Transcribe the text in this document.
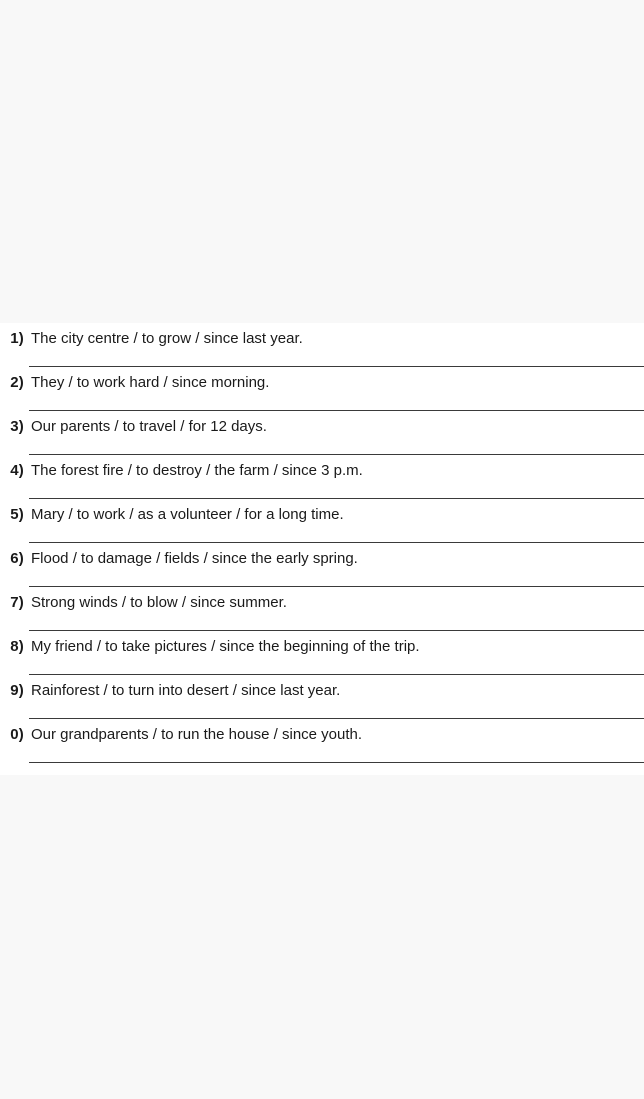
1) The city centre / to grow / since last year.
2) They / to work hard / since morning.
3) Our parents / to travel / for 12 days.
4) The forest fire / to destroy / the farm / since 3 p.m.
5) Mary / to work / as a volunteer / for a long time.
6) Flood / to damage / fields / since the early spring.
7) Strong winds / to blow / since summer.
8) My friend / to take pictures / since the beginning of the trip.
9) Rainforest / to turn into desert / since last year.
0) Our grandparents / to run the house / since youth.
